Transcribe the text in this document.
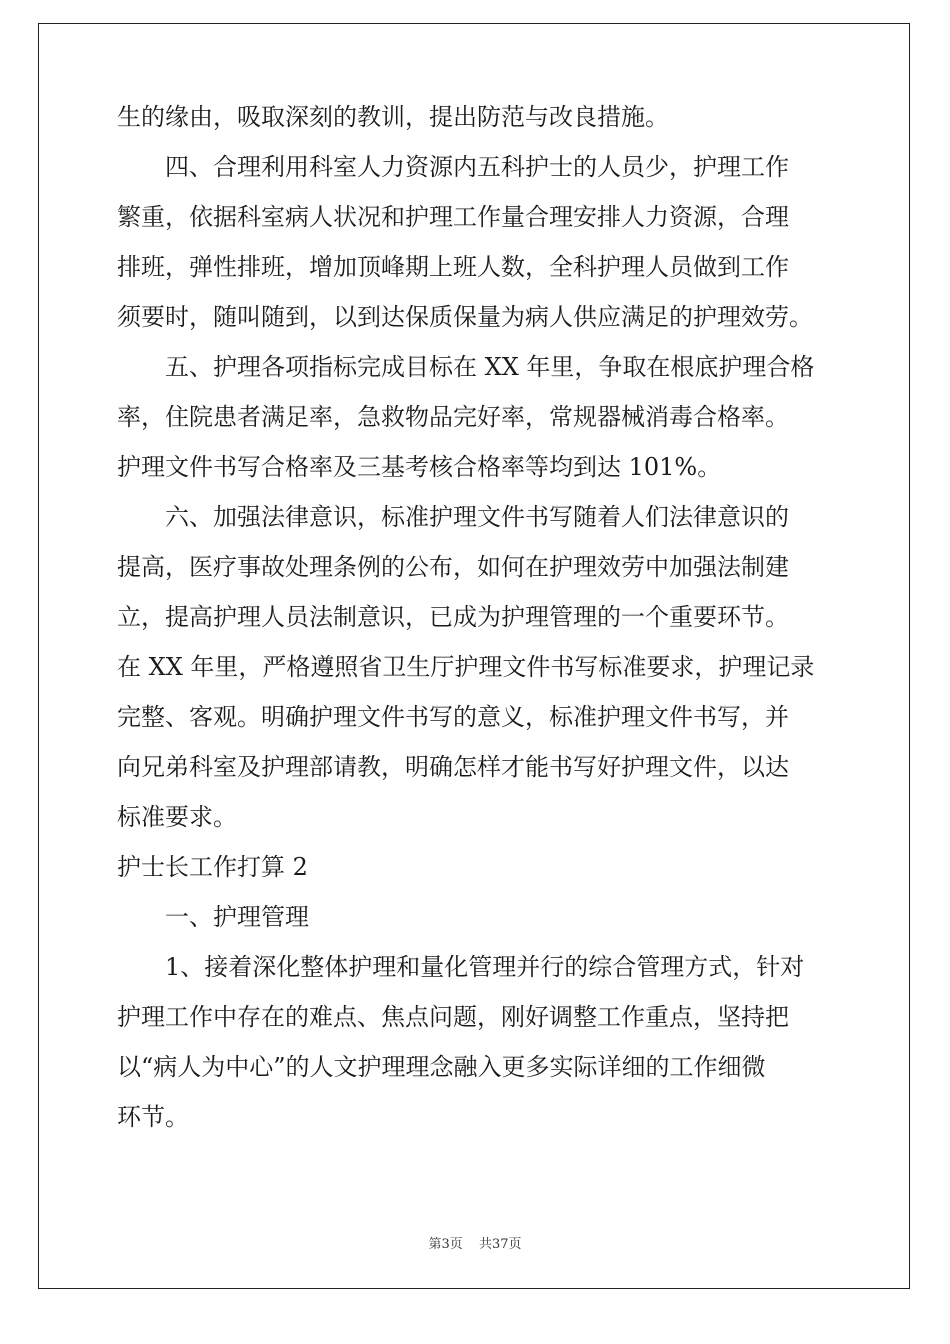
生的缘由，吸取深刻的教训，提出防范与改良措施。
四、合理利用科室人力资源内五科护士的人员少，护理工作
繁重，依据科室病人状况和护理工作量合理安排人力资源，合理
排班，弹性排班，增加顶峰期上班人数，全科护理人员做到工作
须要时，随叫随到，以到达保质保量为病人供应满足的护理效劳。
五、护理各项指标完成目标在 XX 年里，争取在根底护理合格
率，住院患者满足率，急救物品完好率，常规器械消毒合格率。
护理文件书写合格率及三基考核合格率等均到达 101%。
六、加强法律意识，标准护理文件书写随着人们法律意识的
提高，医疗事故处理条例的公布，如何在护理效劳中加强法制建
立，提高护理人员法制意识，已成为护理管理的一个重要环节。
在 XX 年里，严格遵照省卫生厅护理文件书写标准要求，护理记录
完整、客观。明确护理文件书写的意义，标准护理文件书写，并
向兄弟科室及护理部请教，明确怎样才能书写好护理文件，以达
标准要求。
护士长工作打算 2
一、护理管理
1、接着深化整体护理和量化管理并行的综合管理方式，针对
护理工作中存在的难点、焦点问题，刚好调整工作重点，坚持把
以“病人为中心”的人文护理理念融入更多实际详细的工作细微
环节。
第3页 共37页
